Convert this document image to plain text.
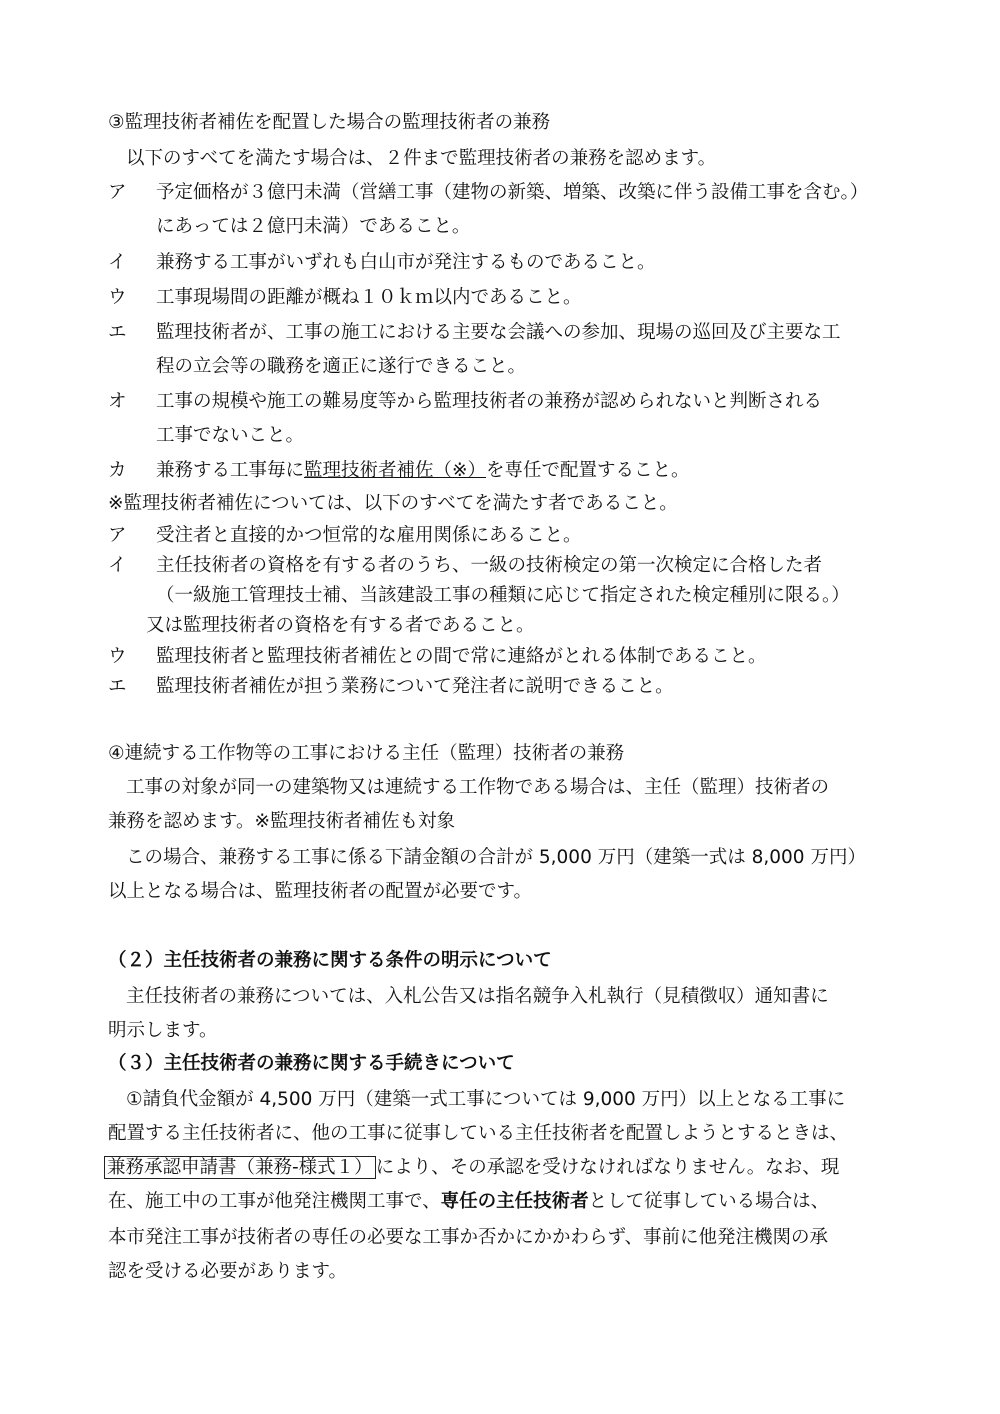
③監理技術者補佐を配置した場合の監理技術者の兼務
以下のすべてを満たす場合は、２件まで監理技術者の兼務を認めます。
ア 予定価格が３億円未満（営繕工事（建物の新築、増築、改築に伴う設備工事を含む。）
にあっては２億円未満）であること。
イ 兼務する工事がいずれも白山市が発注するものであること。
ウ 工事現場間の距離が概ね１０ｋｍ以内であること。
エ 監理技術者が、工事の施工における主要な会議への参加、現場の巡回及び主要な工
程の立会等の職務を適正に遂行できること。
オ 工事の規模や施工の難易度等から監理技術者の兼務が認められないと判断される
工事でないこと。
カ 兼務する工事毎に監理技術者補佐（※）を専任で配置すること。
※監理技術者補佐については、以下のすべてを満たす者であること。
ア 受注者と直接的かつ恒常的な雇用関係にあること。
イ 主任技術者の資格を有する者のうち、一級の技術検定の第一次検定に合格した者
（一級施工管理技士補、当該建設工事の種類に応じて指定された検定種別に限る。）
又は監理技術者の資格を有する者であること。
ウ 監理技術者と監理技術者補佐との間で常に連絡がとれる体制であること。
エ 監理技術者補佐が担う業務について発注者に説明できること。
④連続する工作物等の工事における主任（監理）技術者の兼務
工事の対象が同一の建築物又は連続する工作物である場合は、主任（監理）技術者の
兼務を認めます。※監理技術者補佐も対象
この場合、兼務する工事に係る下請金額の合計が 5,000 万円（建築一式は 8,000 万円）
以上となる場合は、監理技術者の配置が必要です。
（２）主任技術者の兼務に関する条件の明示について
主任技術者の兼務については、入札公告又は指名競争入札執行（見積徴収）通知書に
明示します。
（３）主任技術者の兼務に関する手続きについて
①請負代金額が 4,500 万円（建築一式工事については 9,000 万円）以上となる工事に
配置する主任技術者に、他の工事に従事している主任技術者を配置しようとするときは、
兼務承認申請書（兼務-様式１） により、その承認を受けなければなりません。なお、現
在、施工中の工事が他発注機関工事で、専任の主任技術者として従事している場合は、
本市発注工事が技術者の専任の必要な工事か否かにかかわらず、事前に他発注機関の承
認を受ける必要があります。
